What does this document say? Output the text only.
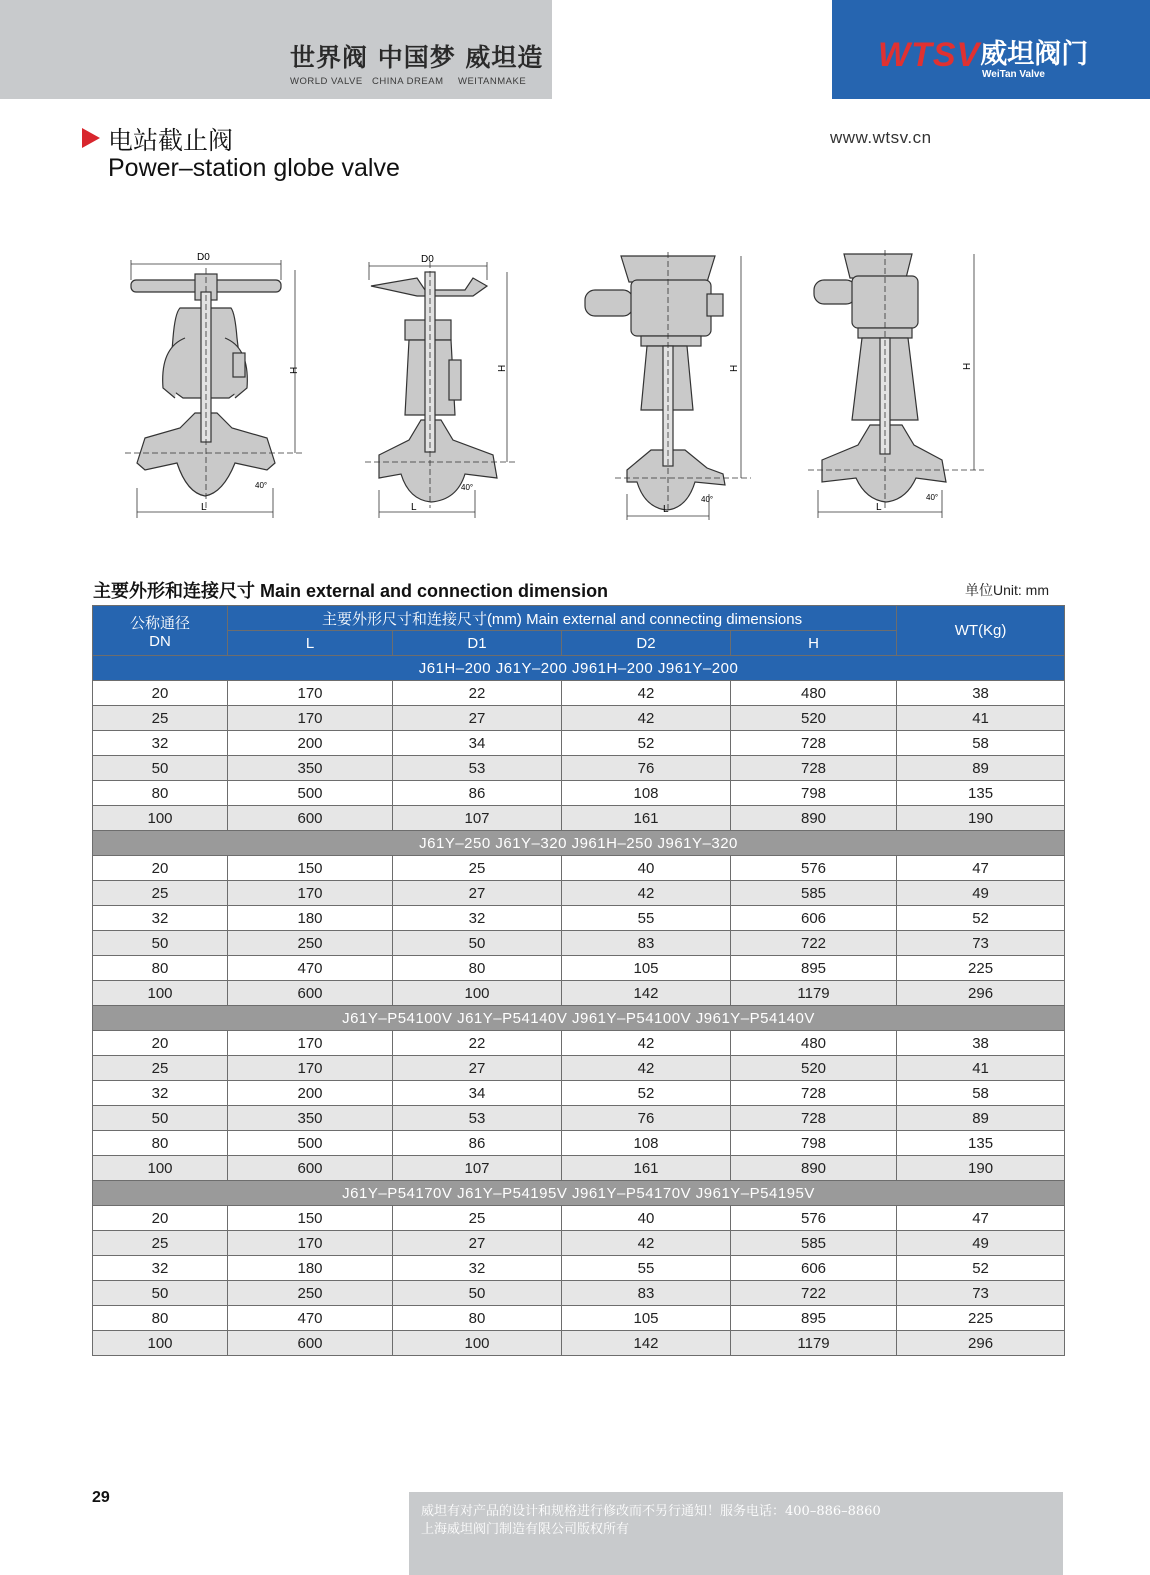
世界阀 中国梦 威坦造
WORLD VALVE CHINA DREAM WEITANMAKE
WTSV威坦阀门
WeiTan Valve
电站截止阀
Power–station globe valve
www.wtsv.cn
D0
H
L
40°
D0
H
L
40°
H
L
40°
H
L
40°
主要外形和连接尺寸 Main external and connection dimension	单位Unit: mm
公称通径
DN	主要外形尺寸和连接尺寸(mm) Main external and connecting dimensions				WT(Kg)
	L	D1	D2	H	
J61H–200 J61Y–200 J961H–200 J961Y–200					
20	170	22	42	480	38
25	170	27	42	520	41
32	200	34	52	728	58
50	350	53	76	728	89
80	500	86	108	798	135
100	600	107	161	890	190
J61Y–250 J61Y–320 J961H–250 J961Y–320					
20	150	25	40	576	47
25	170	27	42	585	49
32	180	32	55	606	52
50	250	50	83	722	73
80	470	80	105	895	225
100	600	100	142	1179	296
J61Y–P54100V J61Y–P54140V J961Y–P54100V J961Y–P54140V					
20	170	22	42	480	38
25	170	27	42	520	41
32	200	34	52	728	58
50	350	53	76	728	89
80	500	86	108	798	135
100	600	107	161	890	190
J61Y–P54170V J61Y–P54195V J961Y–P54170V J961Y–P54195V					
20	150	25	40	576	47
25	170	27	42	585	49
32	180	32	55	606	52
50	250	50	83	722	73
80	470	80	105	895	225
100	600	100	142	1179	296
29
威坦有对产品的设计和规格进行修改而不另行通知！服务电话：400–886–8860
上海威坦阀门制造有限公司版权所有
